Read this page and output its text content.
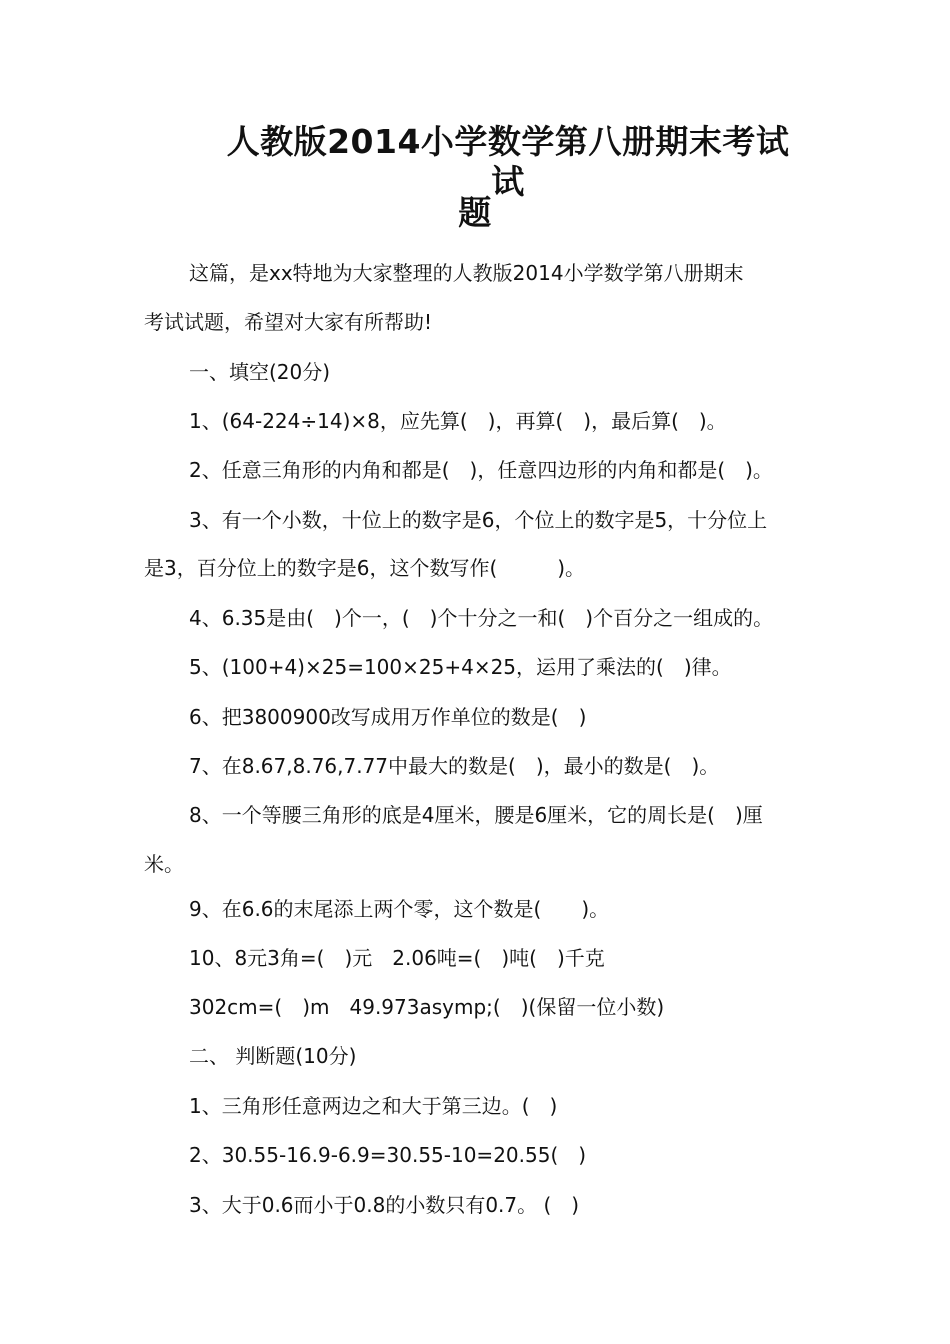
人教版2014小学数学第八册期末考试试
题
这篇，是xx特地为大家整理的人教版2014小学数学第八册期末
考试试题，希望对大家有所帮助!
一、填空(20分)
1、(64-224÷14)×8，应先算(　)，再算(　)，最后算(　)。
2、任意三角形的内角和都是(　)，任意四边形的内角和都是(　)。
3、有一个小数，十位上的数字是6，个位上的数字是5，十分位上
是3，百分位上的数字是6，这个数写作(　　　)。
4、6.35是由(　)个一，(　)个十分之一和(　)个百分之一组成的。
5、(100+4)×25=100×25+4×25，运用了乘法的(　)律。
6、把3800900改写成用万作单位的数是(　)
7、在8.67,8.76,7.77中最大的数是(　)，最小的数是(　)。
8、一个等腰三角形的底是4厘米，腰是6厘米，它的周长是(　)厘
米。
9、在6.6的末尾添上两个零，这个数是(　　)。
10、8元3角=(　)元　2.06吨=(　)吨(　)千克
302cm=(　)m　49.973asymp;(　)(保留一位小数)
二、 判断题(10分)
1、三角形任意两边之和大于第三边。(　)
2、30.55-16.9-6.9=30.55-10=20.55(　)
3、大于0.6而小于0.8的小数只有0.7。 (　)
